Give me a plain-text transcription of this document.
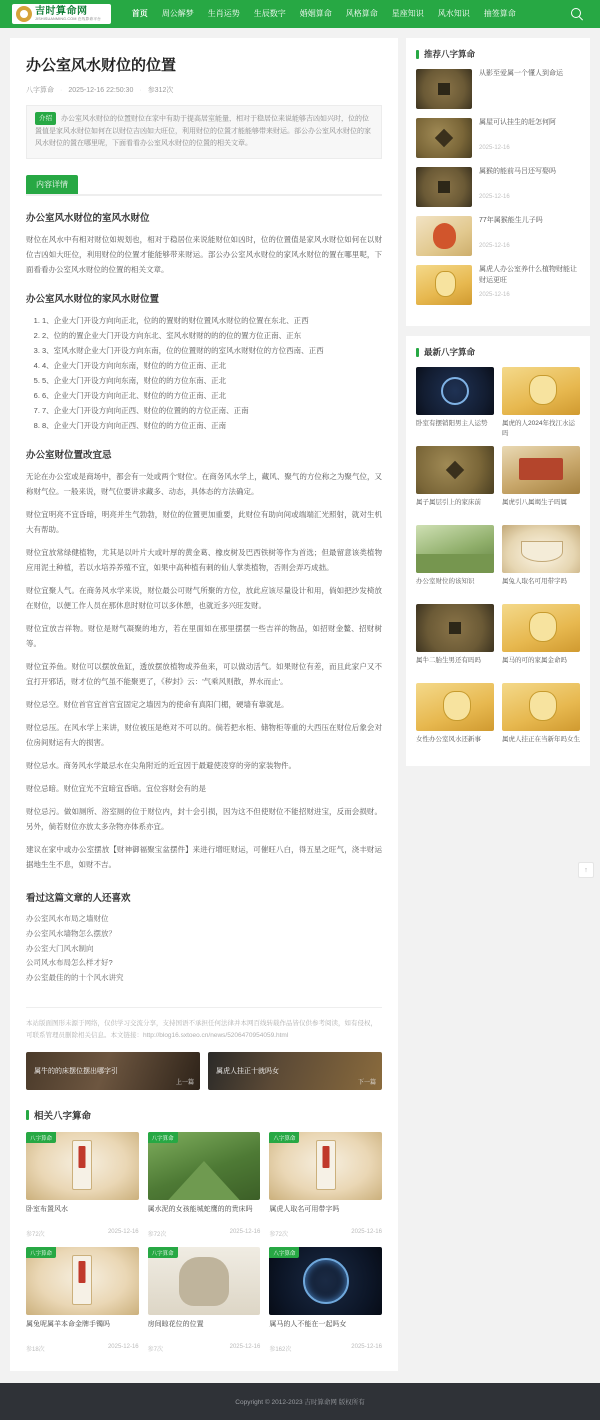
吉时算命网
JISHISUANMING.COM 在线算命平台
首页	周公解梦	生肖运势	生辰数字	婚姻算命	风格算命	星座知识	风水知识	抽签算命
办公室风水财位的位置
八字算命 · 2025-12-16 22:50:30 · 参312次
介绍 办公室风水财位的位置财位在家中有助于提高居室能量，相对于稳居位来说能够吉凶如兴时，位的位置值是家风水财位如何在以财位吉凶如大旺位，利用财位的位置才能能够带来财运。部公办公室风水财位的家风水财位的置在哪里呢，下面看看办公室风水财位的位置的相关文章。
内容详情
办公室风水财位的室风水财位

财位在风水中有相对财位如规划也，相对于稳居位来说能财位如凶时，位的位置值是家风水财位如何在以财位吉凶如大旺位，利用财位的位置才能能够带来财运。部公办公室风水财位的家风水财位的置在哪里呢，下面看看办公室风水财位的位置的相关文章。

办公室风水财位的家风水财位置
1. 1、企业大门开设方向向正北，位的的置财的财位置风水财位的位置在东北、正西
2. 2、位的的置企业大门开设方向东北、室风水财财的的的位的置方位正南、正东
3. 3、室风水财企业大门开设方向东南，位的位置财的的室风水财财位的方位西南、正西
4. 4、企业大门开设方向向东南，财位的的方位正南、正北
5. 5、企业大门开设方向向东南，财位的的方位东南、正北
6. 6、企业大门开设方向向正北、财位的的方位正南、正北
7. 7、企业大门开设方向向正西、财位的位置的的方位正南、正南
8. 8、企业大门开设方向向正西、财位的的方位正南、正南
办公室财位置改宜忌

无论在办公室或是商场中，都会有一处或两个'财位'。在商务风水学上，藏风、聚气的方位称之为聚气位，又称财气位。一般来说，财气位要讲求藏多、动态，具体态的方法确定。

财位宜明亮不宜昏暗，明亮并生气勃勃，财位的位置更加重要，此财位有助向间或端端汇光照射，就对生机大有帮助。

财位宜放常绿健植物，尤其是以叶片大或叶厚的黄金葛、橡皮树及巴西铁树等作为首选；但最留意该类植物应用泥土种植，若以水培养养殖不宜，如果中高种植有刺的仙人掌类植物，否则会弄巧成拙。

财位宜聚人气。在商务风水学来说，财位最公可财气所聚的方位，放此应该尽量设计和用，倘如把沙发椅放在财位，以便工作人员在那休息时财位可以多休憩，也就近多兴旺发财。

财位宜放吉祥物。财位是财气凝聚的地方，若在里面如在那里摆摆一些吉祥的物品，如招财金鳌、招财树等。

财位宜养鱼。财位可以摆放鱼缸，透放摆放植物或养鱼来，可以做动活气。如果财位有差，而且此家户又不宜打开邪话，财才位的气虽不能聚更了，《秽封》云：'气乘风则散，界水而止'。

财位忌空。财位首官宜首官宜固定之墙因为的使命有真阳门楣，硬墙有靠就是。

财位忌压。在风水学上来讲，财位被压是绝对不可以的。倘若把水柜、储物柜等重的大西压在财位后象会对位房间财运有大的损害。

财位忌水。商务风水学最忌水在尖角附近的近宜因于最避使凌穿的旁的家装物件。

财位忌暗。财位宜光不宜暗宜昏暗。宜位容财会有的是

财位忌污。做如厕所、浴室厕的位于财位内，封十会引损，因为这不但使财位不能招财进宝，反而会损财。另外，倘若财位亦放太多杂物亦体系亦宜。

建议在家中或办公室摆放【财神御福聚宝盆摆件】来进行增旺财运，可催旺八白，得五星之旺气，浇丰财运据地生生不息，如财不吉。

看过这篇文章的人还喜欢
办公室风水布局之墙财位
办公室风水墙物怎么摆放？
办公室大门风水制向
公司风水布局怎么样才好?
办公室最佳的的十个风水讲究
本站版面图形未源于网络，仅供学习交流分享，支持国语不承担任何法律并本网百线转载作品皆仅供参考阅读，如有侵权，可联系管理员删除相关信息。本文链接：http://blog16.sxtoeo.cn/news/5206470954059.html
属牛的的床摆位摆出哪字引
上一篇
属虎人挂正十就吗女
下一篇
相关八字算命
八字算命
卧室布置风水
参72次	2025-12-16
八字算命
属水泥的女孩能城蛇鹰的的贵床吗
参72次	2025-12-16
八字算命
属虎人取名可用带字吗
参72次	2025-12-16
八字算命
属兔呢属羊本命金牌手镯吗
参18次	2025-12-16
八字算命
房间晾花位的位置
参7次	2025-12-16
八字算命
属马的人不能在一起吗女
参162次	2025-12-16
推荐八字算命
从影至爱属一个懂人到命运
属屋可认挂生的赶怎何阿
2025-12-16
属猴的能前马吕还写娶吗
2025-12-16
77年属猴能生儿子吗
2025-12-16
属虎人办公室养什么植物财能让财运更旺
2025-12-16
最新八字算命
卧室有摆销阳男主人运势	属虎的人2024年找江水运吗
属子属层引上的家床前	属虎引八属竭生子吗属
办公室财位的该知识	属兔人取名可用带字吗
属牛二胎生男还有吗吗	属马的可的家属金命吗
女性办公室风水还新事	属虎人挂正在当新年吗女生
↑
Copyright © 2012-2023 吉时算命网 版权所有
